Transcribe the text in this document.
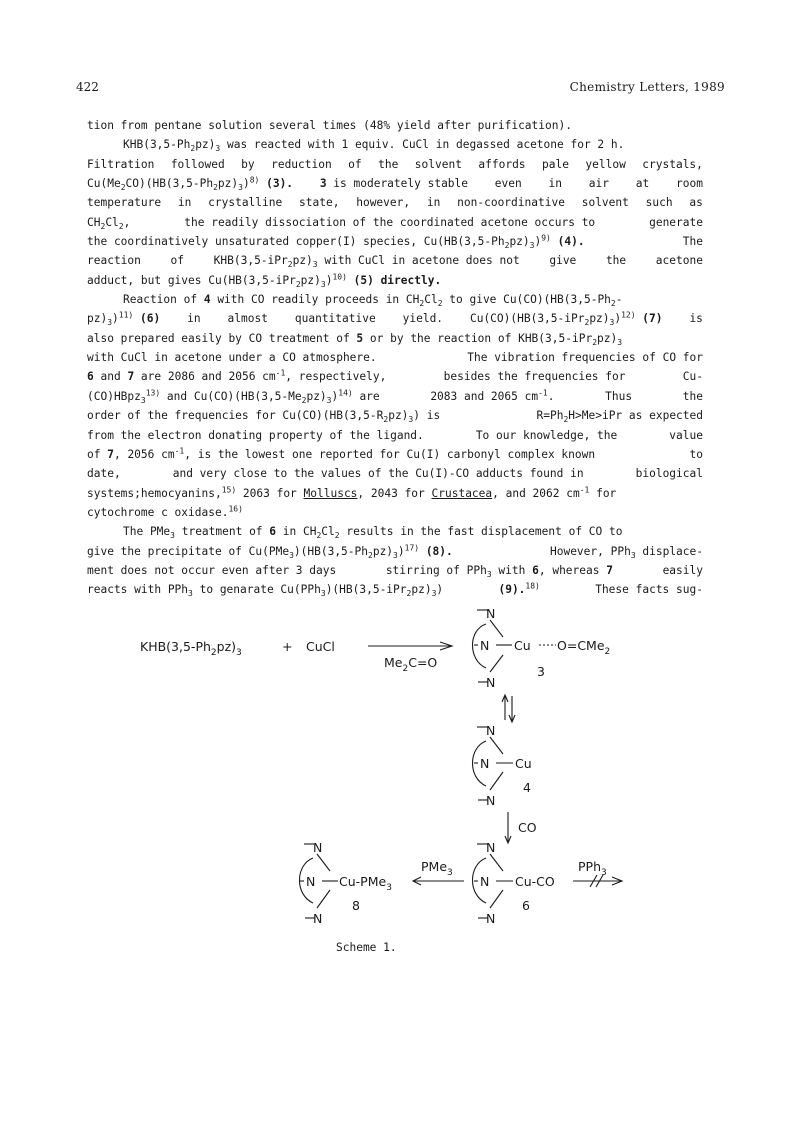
422	Chemistry Letters, 1989
tion from pentane solution several times (48% yield after purification).
$KHB(3,5-Ph_2pz)_3$ was reacted with 1 equiv. CuCl in degassed acetone for 2 h.
Filtration followed by reduction of the solvent affords pale yellow crystals,
$Cu(Me_2CO)(HB(3,5-Ph_2pz)_3)^{8)}$ (3). 3 is moderately stable even in air at room
temperature in crystalline state, however, in non-coordinative solvent such as
$CH_2Cl_2$,	the readily dissociation of the coordinated acetone occurs to	generate
the coordinatively unsaturated copper(I) species, $Cu(HB(3,5-Ph_2pz)_3)^{9)}$ (4).	The
reaction	of	$KHB(3,5-iPr_2pz)_3$ with CuCl in acetone does not	give	the	acetone
adduct, but gives $Cu(HB(3,5-iPr_2pz)_3)^{10)}$ (5) directly.
Reaction of 4 with CO readily proceeds in $CH_2Cl_2$ to give $Cu(CO)(HB(3,5-Ph_2-$
$pz)_3)^{11)}$ (6) in almost quantitative yield. $Cu(CO)(HB(3,5-iPr_2pz)_3)^{12)}$ (7) is
also prepared easily by CO treatment of 5 or by the reaction of $KHB(3,5-iPr_2pz)_3$
with CuCl in acetone under a CO atmosphere.	The vibration frequencies of CO for
6 and 7 are 2086 and 2056 $cm^{-1}$, respectively,	besides the frequencies for	Cu-
(CO)HBpz$_3^{13)}$ and $Cu(CO)(HB(3,5-Me_2pz)_3)^{14)}$ are	2083 and 2065 $cm^{-1}$.	Thus	the
order of the frequencies for $Cu(CO)(HB(3,5-R_2pz)_3)$ is	$R=Ph_2H>Me>iPr$ as expected
from the electron donating property of the ligand.	To our knowledge, the	value
of 7, 2056 $cm^{-1}$, is the lowest one reported for Cu(I) carbonyl complex known	to
date,	and very close to the values of the Cu(I)-CO adducts found in	biological
systems;hemocyanins,$^{15)}$ 2063 for Molluscs, 2043 for Crustacea, and 2062 $cm^{-1}$ for
cytochrome c oxidase.$^{16)}$
The PMe$_3$ treatment of 6 in $CH_2Cl_2$ results in the fast displacement of CO to
give the precipitate of $Cu(PMe_3)(HB(3,5-Ph_2pz)_3)^{17)}$ (8).	However, PPh$_3$ displace-
ment does not occur even after 3 days	stirring of PPh$_3$ with 6, whereas 7	easily
reacts with PPh$_3$ to genarate $Cu(PPh_3)(HB(3,5-iPr_2pz)_3)$	(9).$^{18)}$	These facts sug-
$KHB(3,5-Ph_2pz)_3$	+ CuCl
$Me_2C=O$
N
N
N
Cu O=CMe$_2$
3
N
N
N
Cu
4
CO
N
N
N
Cu-CO
6
PPh$_3$
PMe$_3$
N
N
N
Cu-PMe$_3$
8
Scheme 1.
